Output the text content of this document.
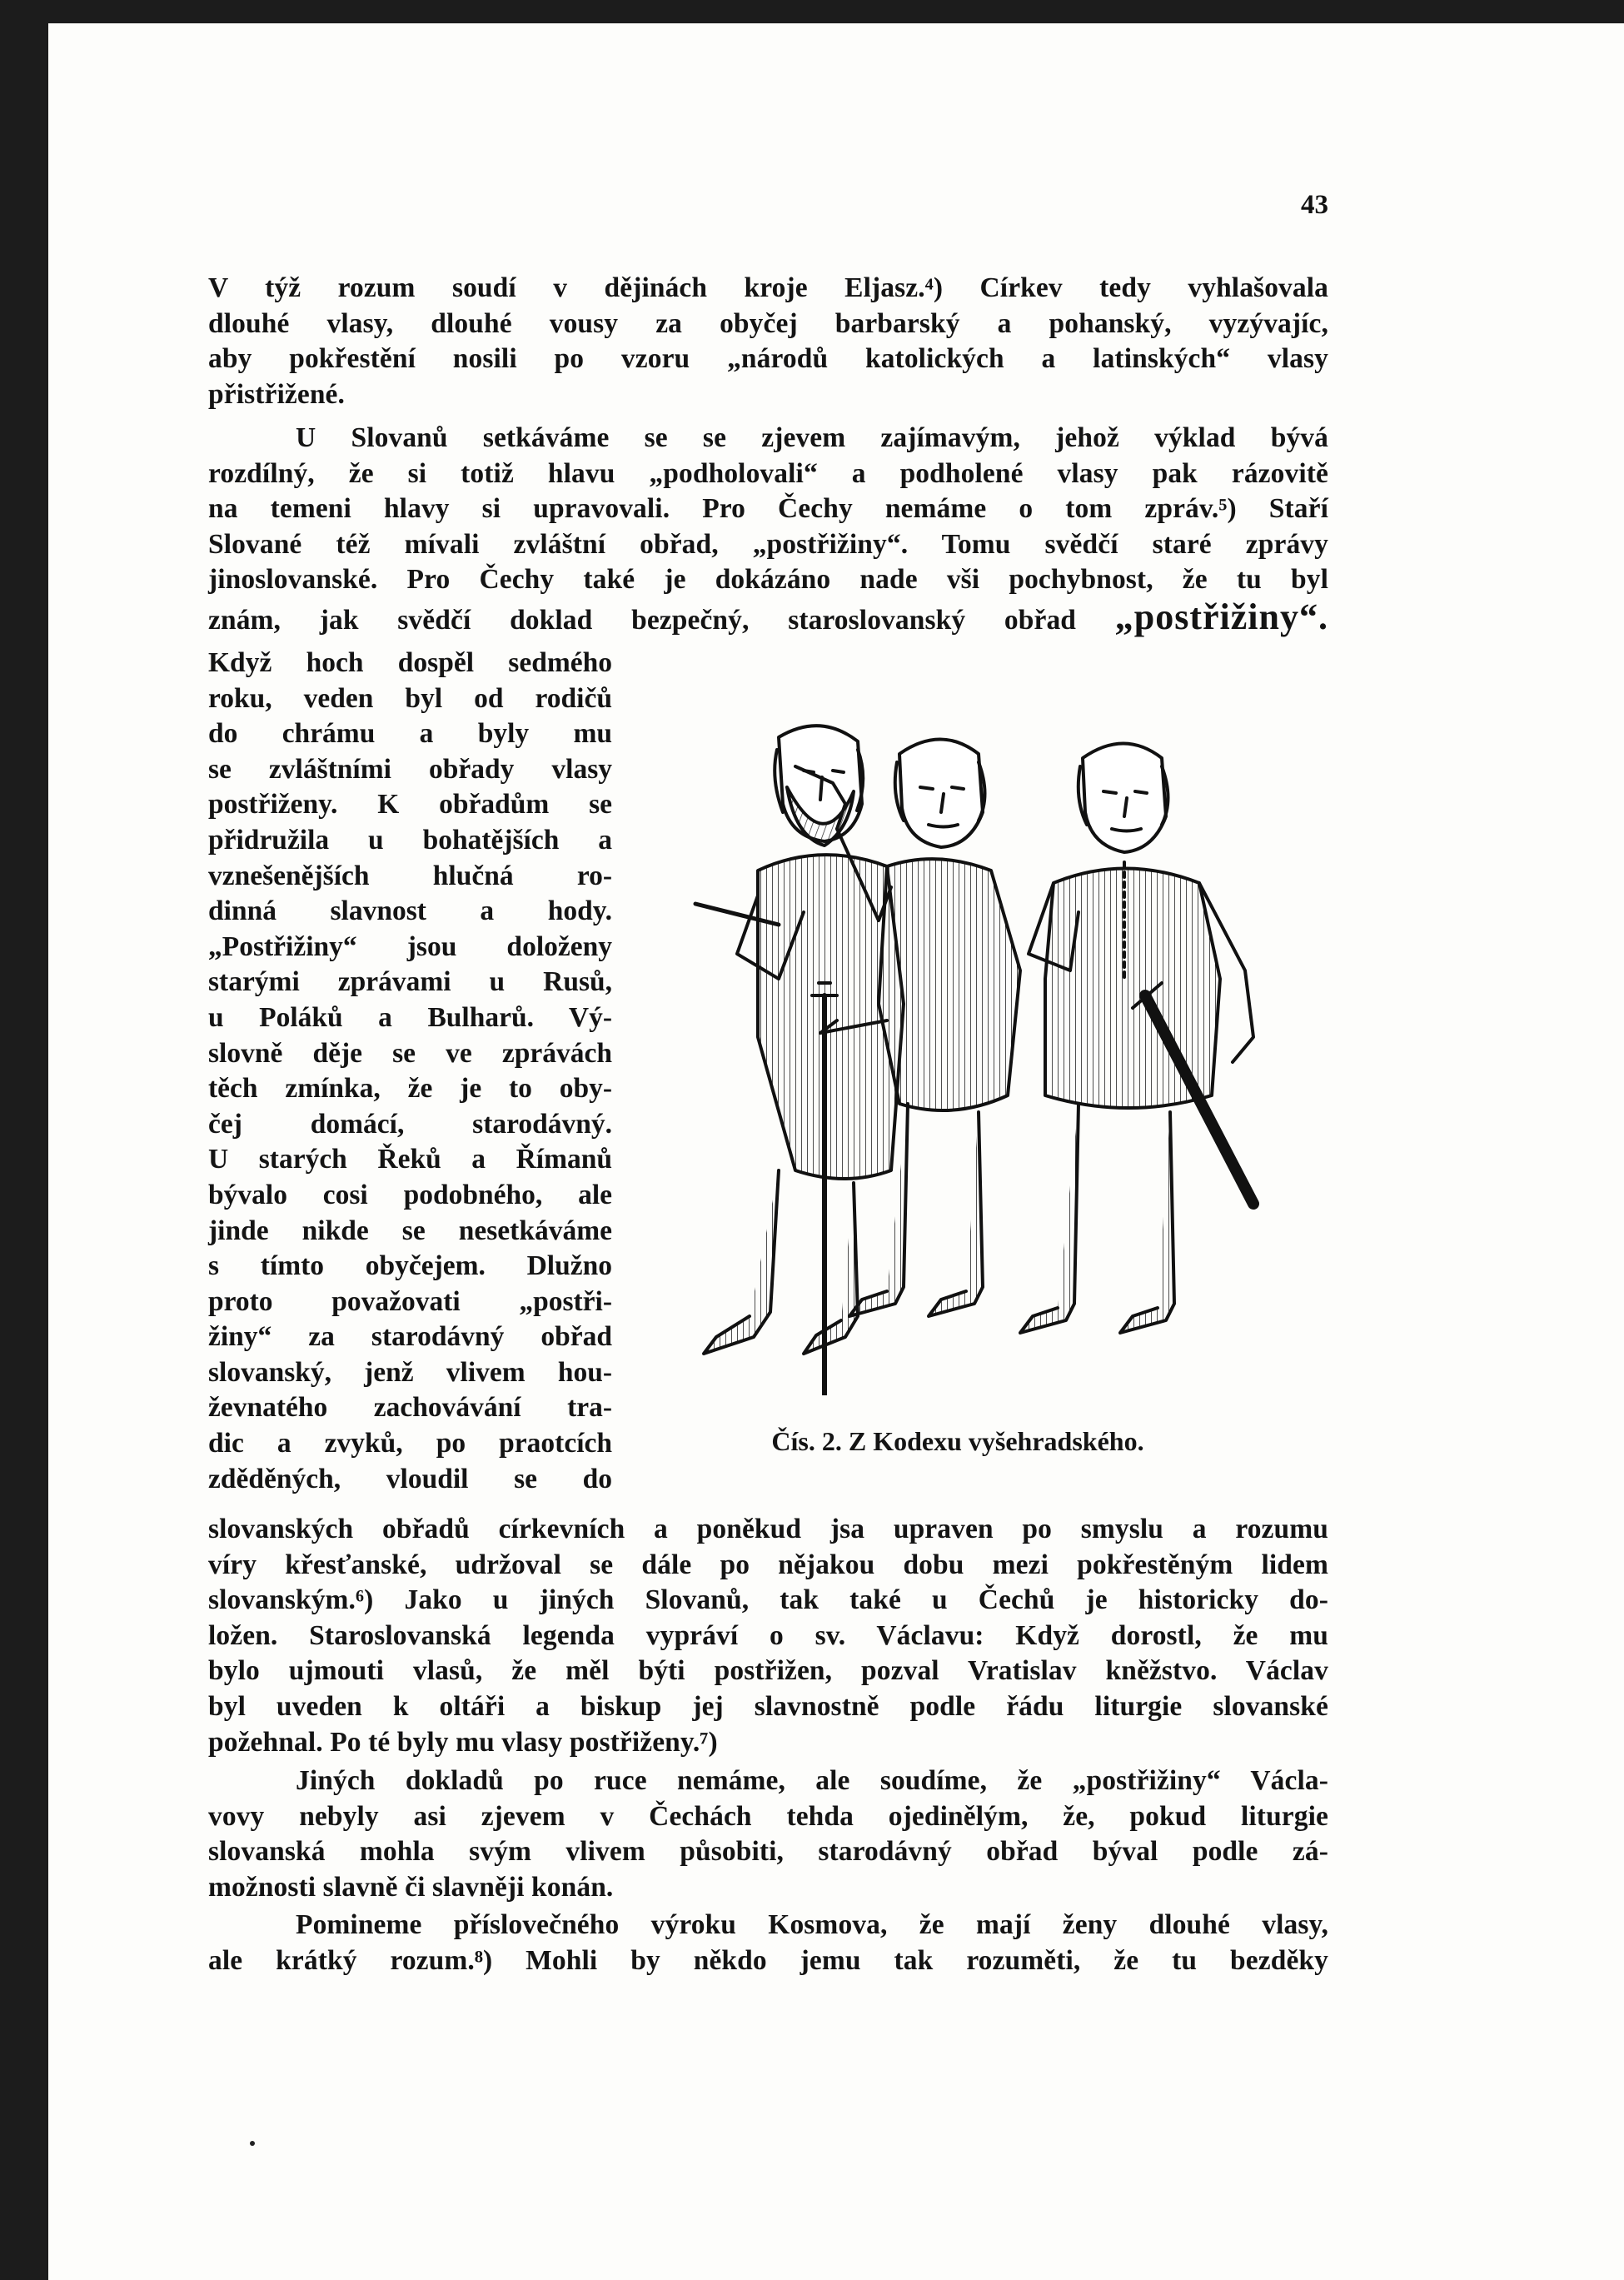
43

V týž rozum soudí v dějinách kroje Eljasz.⁴) Církev tedy vyhlašovala

dlouhé vlasy, dlouhé vousy za obyčej barbarský a pohanský, vyzývajíc,

aby pokřestění nosili po vzoru „národů katolických a latinských“ vlasy

přistřižené.

U Slovanů setkáváme se se zjevem zajímavým, jehož výklad bývá

rozdílný, že si totiž hlavu „podholovali“ a podholené vlasy pak rázovitě

na temeni hlavy si upravovali. Pro Čechy nemáme o tom zpráv.⁵) Staří

Slované též mívali zvláštní obřad, „postřižiny“. Tomu svědčí staré zprávy

jinoslovanské. Pro Čechy také je dokázáno nade vši pochybnost, že tu byl

znám, jak svědčí doklad bezpečný, staroslovanský obřad „postřižiny“.

Když hoch dospěl sedmého

roku, veden byl od rodičů

do chrámu a byly mu

se zvláštními obřady vlasy

postřiženy. K obřadům se

přidružila u bohatějších a

vznešenějších hlučná ro-

dinná slavnost a hody.

„Postřižiny“ jsou doloženy

starými zprávami u Rusů,

u Poláků a Bulharů. Vý-

slovně děje se ve zprávách

těch zmínka, že je to oby-

čej domácí, starodávný.

U starých Řeků a Římanů

bývalo cosi podobného, ale

jinde nikde se nesetkáváme

s tímto obyčejem. Dlužno

proto považovati „postři-

žiny“ za starodávný obřad

slovanský, jenž vlivem hou-

ževnatého zachovávání tra-

dic a zvyků, po praotcích

zděděných, vloudil se do

Čís. 2. Z Kodexu vyšehradského.

slovanských obřadů církevních a poněkud jsa upraven po smyslu a rozumu

víry křesťanské, udržoval se dále po nějakou dobu mezi pokřestěným lidem

slovanským.⁶) Jako u jiných Slovanů, tak také u Čechů je historicky do-

ložen. Staroslovanská legenda vypráví o sv. Václavu: Když dorostl, že mu

bylo ujmouti vlasů, že měl býti postřižen, pozval Vratislav kněžstvo. Václav

byl uveden k oltáři a biskup jej slavnostně podle řádu liturgie slovanské

požehnal. Po té byly mu vlasy postřiženy.⁷)

Jiných dokladů po ruce nemáme, ale soudíme, že „postřižiny“ Václa-

vovy nebyly asi zjevem v Čechách tehda ojedinělým, že, pokud liturgie

slovanská mohla svým vlivem působiti, starodávný obřad býval podle zá-

možnosti slavně či slavněji konán.

Pomineme příslovečného výroku Kosmova, že mají ženy dlouhé vlasy,

ale krátký rozum.⁸) Mohli by někdo jemu tak rozuměti, že tu bezděky
